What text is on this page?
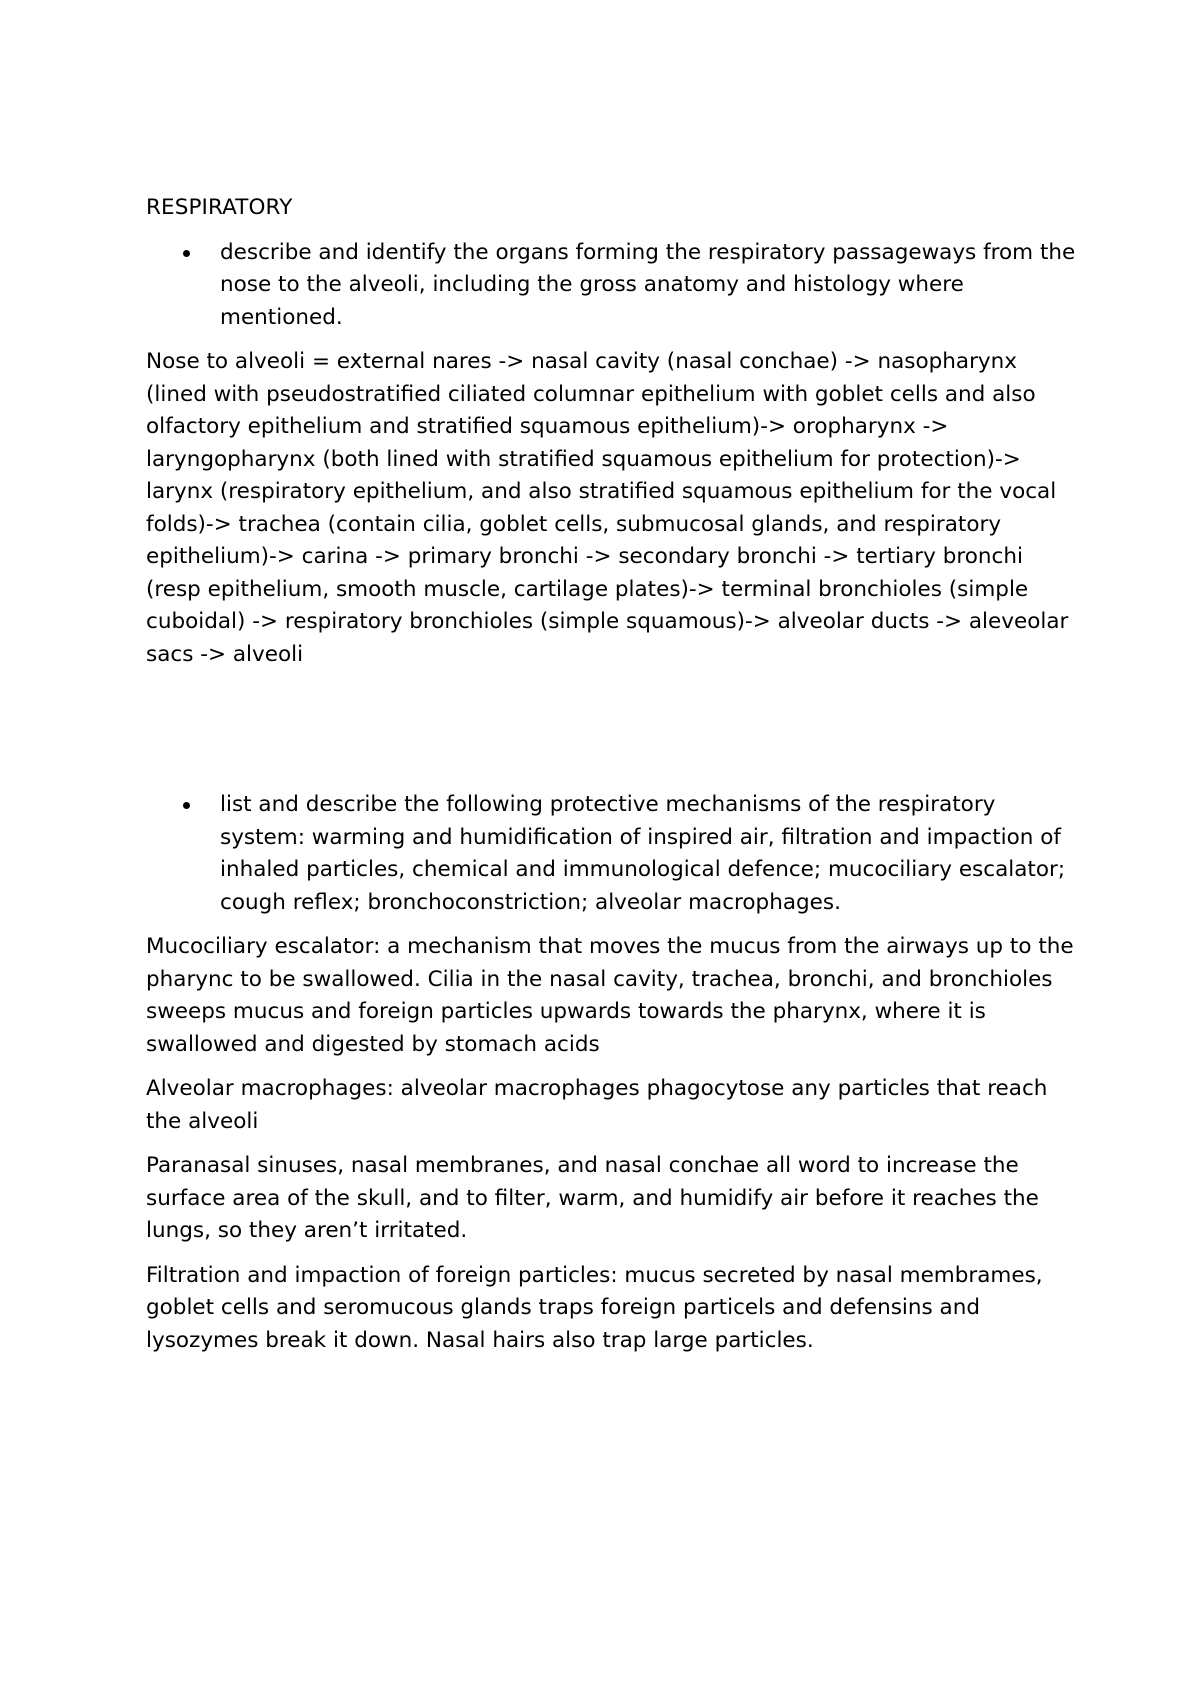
RESPIRATORY
describe and identify the organs forming the respiratory passageways from the nose to the alveoli, including the gross anatomy and histology where mentioned.

Nose to alveoli = external nares -> nasal cavity (nasal conchae) -> nasopharynx (lined with pseudostratified ciliated columnar epithelium with goblet cells and also olfactory epithelium and stratified squamous epithelium)-> oropharynx -> laryngopharynx (both lined with stratified squamous epithelium for protection)-> larynx (respiratory epithelium, and also stratified squamous epithelium for the vocal folds)-> trachea (contain cilia, goblet cells, submucosal glands, and respiratory epithelium)-> carina -> primary bronchi -> secondary bronchi -> tertiary bronchi (resp epithelium, smooth muscle, cartilage plates)-> terminal bronchioles (simple cuboidal) -> respiratory bronchioles (simple squamous)-> alveolar ducts -> aleveolar sacs -> alveoli

list and describe the following protective mechanisms of the respiratory system: warming and humidification of inspired air, filtration and impaction of inhaled particles, chemical and immunological defence; mucociliary escalator; cough reflex; bronchoconstriction; alveolar macrophages.

Mucociliary escalator: a mechanism that moves the mucus from the airways up to the pharync to be swallowed. Cilia in the nasal cavity, trachea, bronchi, and bronchioles sweeps mucus and foreign particles upwards towards the pharynx, where it is swallowed and digested by stomach acids

Alveolar macrophages: alveolar macrophages phagocytose any particles that reach the alveoli

Paranasal sinuses, nasal membranes, and nasal conchae all word to increase the surface area of the skull, and to filter, warm, and humidify air before it reaches the lungs, so they aren’t irritated.

Filtration and impaction of foreign particles: mucus secreted by nasal membrames, goblet cells and seromucous glands traps foreign particels and defensins and lysozymes break it down. Nasal hairs also trap large particles.
